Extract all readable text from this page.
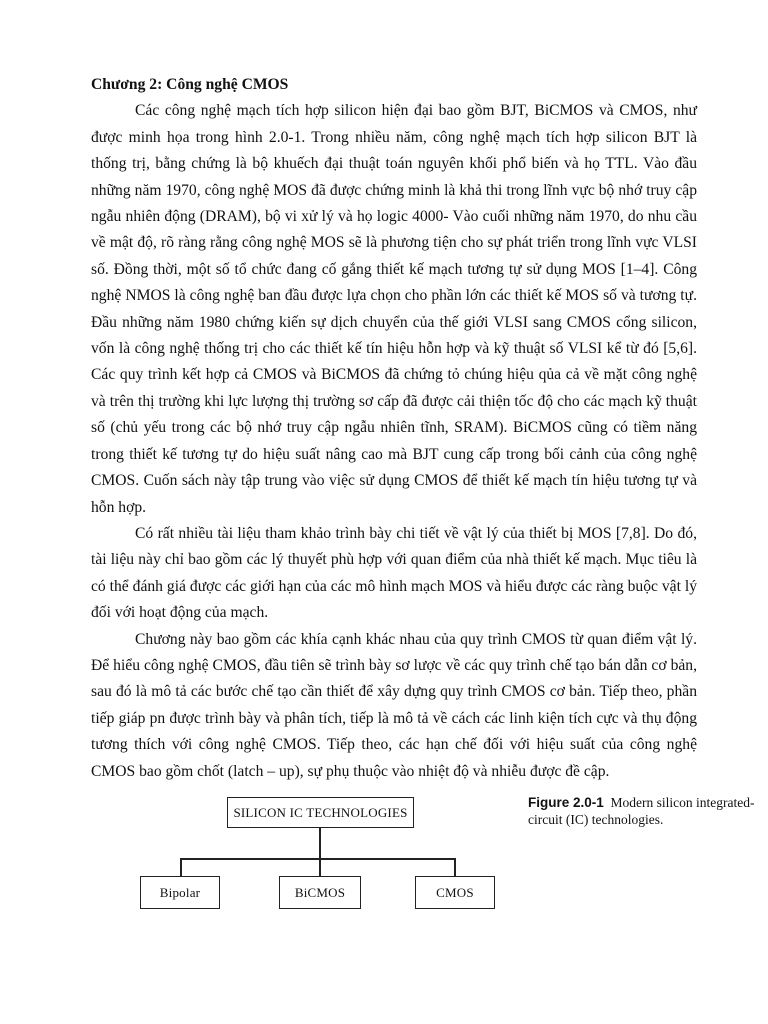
Chương 2: Công nghệ CMOS

Các công nghệ mạch tích hợp silicon hiện đại bao gồm BJT, BiCMOS và CMOS, như được minh họa trong hình 2.0-1. Trong nhiều năm, công nghệ mạch tích hợp silicon BJT là thống trị, bằng chứng là bộ khuếch đại thuật toán nguyên khối phổ biến và họ TTL. Vào đầu những năm 1970, công nghệ MOS đã được chứng minh là khả thi trong lĩnh vực bộ nhớ truy cập ngẫu nhiên động (DRAM), bộ vi xử lý và họ logic 4000- Vào cuối những năm 1970, do nhu cầu về mật độ, rõ ràng rằng công nghệ MOS sẽ là phương tiện cho sự phát triển trong lĩnh vực VLSI số. Đồng thời, một số tổ chức đang cố gắng thiết kế mạch tương tự sử dụng MOS [1–4]. Công nghệ NMOS là công nghệ ban đầu được lựa chọn cho phần lớn các thiết kế MOS số và tương tự. Đầu những năm 1980 chứng kiến sự dịch chuyển của thế giới VLSI sang CMOS cổng silicon, vốn là công nghệ thống trị cho các thiết kế tín hiệu hỗn hợp và kỹ thuật số VLSI kể từ đó [5,6]. Các quy trình kết hợp cả CMOS và BiCMOS đã chứng tỏ chúng hiệu qủa cả về mặt công nghệ và trên thị trường khi lực lượng thị trường sơ cấp đã được cải thiện tốc độ cho các mạch kỹ thuật số (chủ yếu trong các bộ nhớ truy cập ngẫu nhiên tĩnh, SRAM). BiCMOS cũng có tiềm năng trong thiết kế tương tự do hiệu suất nâng cao mà BJT cung cấp trong bối cảnh của công nghệ CMOS. Cuốn sách này tập trung vào việc sử dụng CMOS để thiết kế mạch tín hiệu tương tự và hỗn hợp.

Có rất nhiều tài liệu tham khảo trình bày chi tiết về vật lý của thiết bị MOS [7,8]. Do đó, tài liệu này chỉ bao gồm các lý thuyết phù hợp với quan điểm của nhà thiết kế mạch. Mục tiêu là có thể đánh giá được các giới hạn của các mô hình mạch MOS và hiểu được các ràng buộc vật lý đối với hoạt động của mạch.

Chương này bao gồm các khía cạnh khác nhau của quy trình CMOS từ quan điểm vật lý. Để hiểu công nghệ CMOS, đầu tiên sẽ trình bày sơ lược về các quy trình chế tạo bán dẫn cơ bản, sau đó là mô tả các bước chế tạo cần thiết để xây dựng quy trình CMOS cơ bản. Tiếp theo, phần tiếp giáp pn được trình bày và phân tích, tiếp là mô tả về cách các linh kiện tích cực và thụ động tương thích với công nghệ CMOS. Tiếp theo, các hạn chế đối với hiệu suất của công nghệ CMOS bao gồm chốt (latch – up), sự phụ thuộc vào nhiệt độ và nhiễu được đề cập.

SILICON IC TECHNOLOGIES
Bipolar	BiCMOS	CMOS
Figure 2.0-1 Modern silicon integrated-circuit (IC) technologies.
